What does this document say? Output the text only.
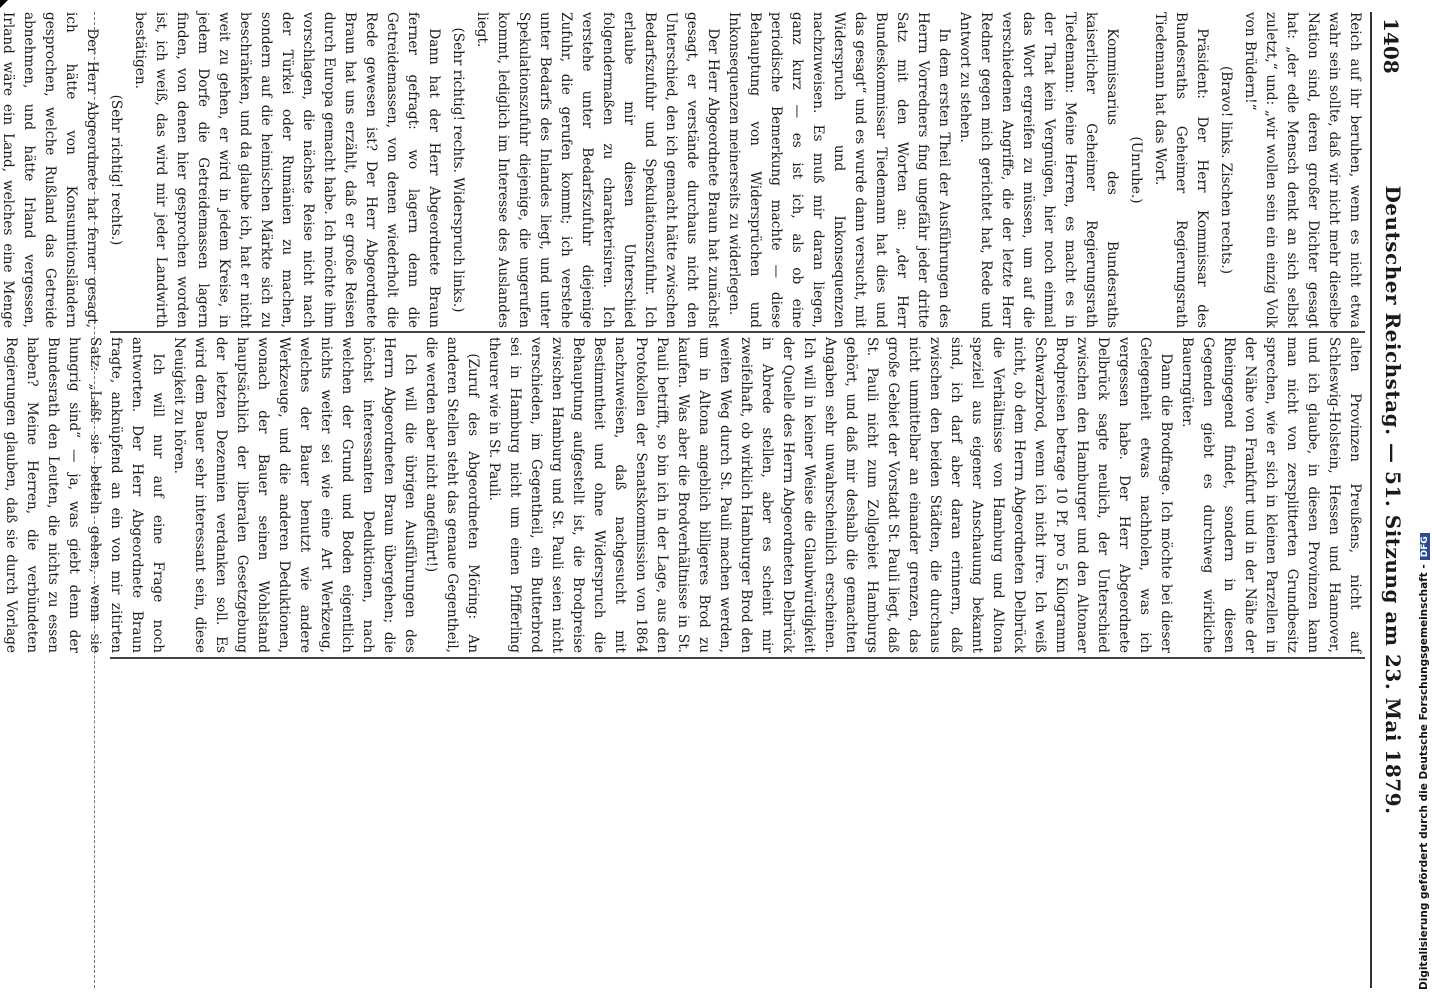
1408
Deutscher Reichstag. — 51. Sitzung am 23. Mai 1879.

Reich auf ihr beruhen, wenn es nicht etwa wahr sein sollte, daß wir nicht mehr dieselbe Nation sind, deren großer Dichter gesagt hat: „der edle Mensch denkt an sich selbst zuletzt,“ und: „wir wollen sein ein einzig Volk von Brüdern!“

(Bravo! links. Zischen rechts.)

Präsident: Der Herr Kommissar des Bundesraths Geheimer Regierungsrath Tiedemann hat das Wort.

(Unruhe.)

Kommissarius des Bundesraths kaiserlicher Geheimer Regierungsrath Tiedemann: Meine Herren, es macht es in der That kein Vergnügen, hier noch einmal das Wort ergreifen zu müssen, um auf die verschiedenen Angriffe, die der letzte Herr Redner gegen mich gerichtet hat, Rede und Antwort zu stehen.

In dem ersten Theil der Ausführungen des Herrn Vorredners fing ungefähr jeder dritte Satz mit den Worten an: „der Herr Bundeskommissar Tiedemann hat dies und das gesagt“ und es wurde dann versucht, mit Widerspruch und Inkonsequenzen nachzuweisen. Es muß mir daran liegen, ganz kurz — es ist ich, als ob eine periodische Bemerkung machte — diese Behauptung von Widersprüchen und Inkonsequenzen meinerseits zu widerlegen.

Der Herr Abgeordnete Braun hat zunächst gesagt, er verstände durchaus nicht den Unterschied, den ich gemacht hätte zwischen Bedarfszufuhr und Spekulationszufuhr. Ich erlaube mir diesen Unterschied folgendermaßen zu charakterisiren. Ich verstehe unter Bedarfszufuhr diejenige Zufuhr, die gerufen kommt; ich verstehe unter Bedarfs des Inlandes liegt, und unter Spekulationszufuhr diejenige, die ungerufen kommt, lediglich im Interesse des Auslandes liegt.

(Sehr richtig! rechts. Widerspruch links.)

Dann hat der Herr Abgeordnete Braun ferner gefragt: wo lagern denn die Getreidemassen, von denen wiederholt die Rede gewesen ist? Der Herr Abgeordnete Braun hat uns erzählt, daß er große Reisen durch Europa gemacht habe. Ich möchte ihm vorschlagen, die nächste Reise nicht nach der Türkei oder Rumänien zu machen, sondern auf die heimischen Märkte sich zu beschränken, und da glaube ich, hat er nicht weit zu gehen, er wird in jedem Kreise, in jedem Dorfe die Getreidemassen lagern finden, von denen hier gesprochen worden ist, ich weiß, das wird mir jeder Landwirth bestätigen.

(Sehr richtig! rechts.)

Der Herr Abgeordnete hat ferner gesagt, ich hätte von Konsumtionsländern gesprochen, welche Rußland das Getreide abnehmen, und hätte Irland vergessen, Irland wäre ein Land, welches eine Menge

alten Provinzen Preußens, nicht auf Schleswig-Holstein, Hessen und Hannover, und ich glaube, in diesen Provinzen kann man nicht von zersplitterten Grundbesitz sprechen, wie er sich in kleinen Parzellen in der Nähe von Frankfurt und in der Nähe der Rheingegend findet, sondern in diesen Gegenden giebt es durchweg wirkliche Bauerngüter.

Dann die Brodfrage. Ich möchte bei dieser Gelegenheit etwas nachholen, was ich vergessen habe. Der Herr Abgeordnete Delbrück sagte neulich, der Unterschied zwischen den Hamburger und den Altonaer Brodpreisen betrage 10 Pf. pro 5 Kilogramm Schwarzbrod, wenn ich nicht irre. Ich weiß nicht, ob dem Herrn Abgeordneten Delbrück die Verhältnisse von Hamburg und Altona speziell aus eigener Anschauung bekannt sind, ich darf aber daran erinnern, daß zwischen den beiden Städten, die durchaus nicht unmittelbar an einander grenzen, das große Gebiet der Vorstadt St. Pauli liegt, daß St. Pauli nicht zum Zollgebiet Hamburgs gehört, und daß mir deshalb die gemachten Angaben sehr unwahrscheinlich erscheinen. Ich will in keiner Weise die Glaubwürdigkeit der Quelle des Herrn Abgeordneten Delbrück in Abrede stellen, aber es scheint mir zweifelhaft, ob wirklich Hamburger Brod den weiten Weg durch St. Pauli machen werden, um in Altona angeblich billigeres Brod zu kaufen. Was aber die Brodverhältnisse in St. Pauli betrifft, so bin ich in der Lage, aus den Protokollen der Senatskommission von 1864 nachzuweisen, daß nachgesucht mit Bestimmtheit und ohne Widerspruch die Behauptung aufgestellt ist, die Brodpreise zwischen Hamburg und St. Pauli seien nicht verschieden, im Gegentheil, ein Butterbrod sei in Hamburg nicht um einen Pfifferling theurer wie in St. Pauli.

(Zuruf des Abgeordneten Möring: An anderen Stellen steht das genaue Gegentheil, die werden aber nicht angeführt!)

Ich will die übrigen Ausführungen des Herrn Abgeordneten Braun übergehen; die höchst interessanten Deduktionen, nach welchen der Grund und Boden eigentlich nichts weiter sei wie eine Art Werkzeug, welches der Bauer benutzt wie andere Werkzeuge, und die anderen Deduktionen, wonach der Bauer seinen Wohlstand hauptsächlich der liberalen Gesetzgebung der letzten Dezennien verdanken soll. Es wird dem Bauer sehr interessant sein, diese Neuigkeit zu hören.

Ich will nur auf eine Frage noch antworten. Der Herr Abgeordnete Braun fragte, anknüpfend an ein von mir zitirten Satz: „Laßt sie betteln gehen, wenn sie hungrig sind“ — ja, was giebt denn der Bundesrath den Leuten, die nichts zu essen haben? Meine Herren, die verbündeten Regierungen glauben, daß sie durch Vorlage	Digitalisierung gefördert durch die Deutsche Forschungsgemeinschaft -DFG
